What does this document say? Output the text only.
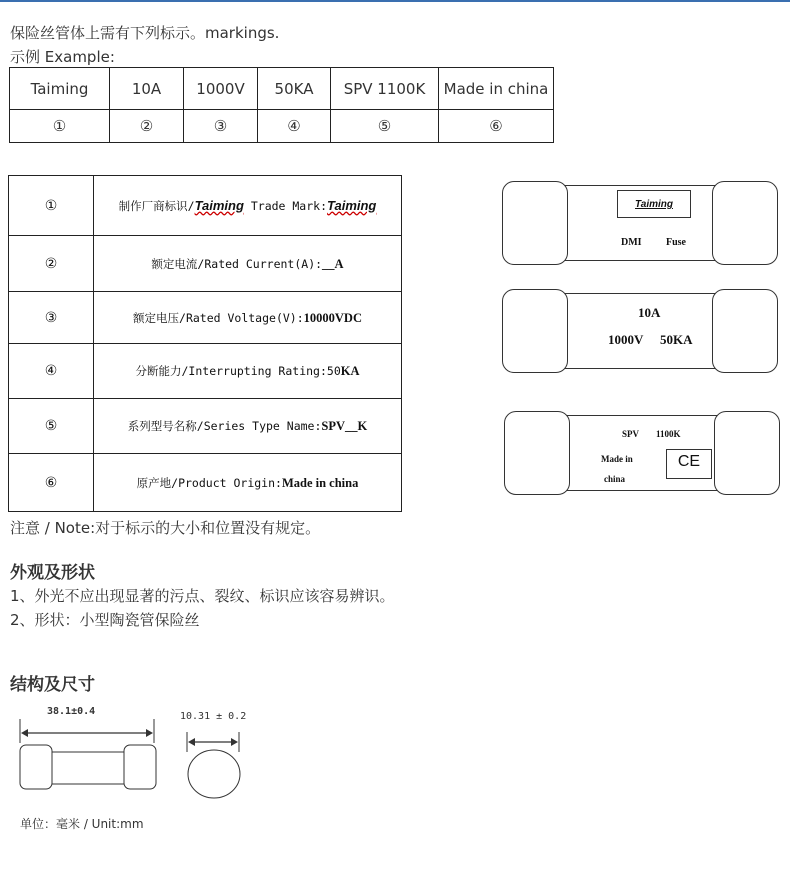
保险丝管体上需有下列标示。markings.
示例 Example:
Taiming	10A	1000V	50KA	SPV 1100K	Made in china
①	②	③	④	⑤	⑥
①	制作厂商标识/Taiming Trade Mark:Taiming
②	额定电流/Rated Current(A):__A
③	额定电压/Rated Voltage(V):10000VDC
④	分断能力/Interrupting Rating:50KA
⑤	系列型号名称/Series Type Name:SPV__K
⑥	原产地/Product Origin:Made in china
Taiming
DMI Fuse
10A
1000V 50KA
SPV 1100K
Made in
china
CE
注意 / Note:对于标示的大小和位置没有规定。
外观及形状
1、外光不应出现显著的污点、裂纹、标识应该容易辨识。
2、形状：小型陶瓷管保险丝
结构及尺寸
38.1±0.4	10.31 ± 0.2
单位：毫米 / Unit:mm
